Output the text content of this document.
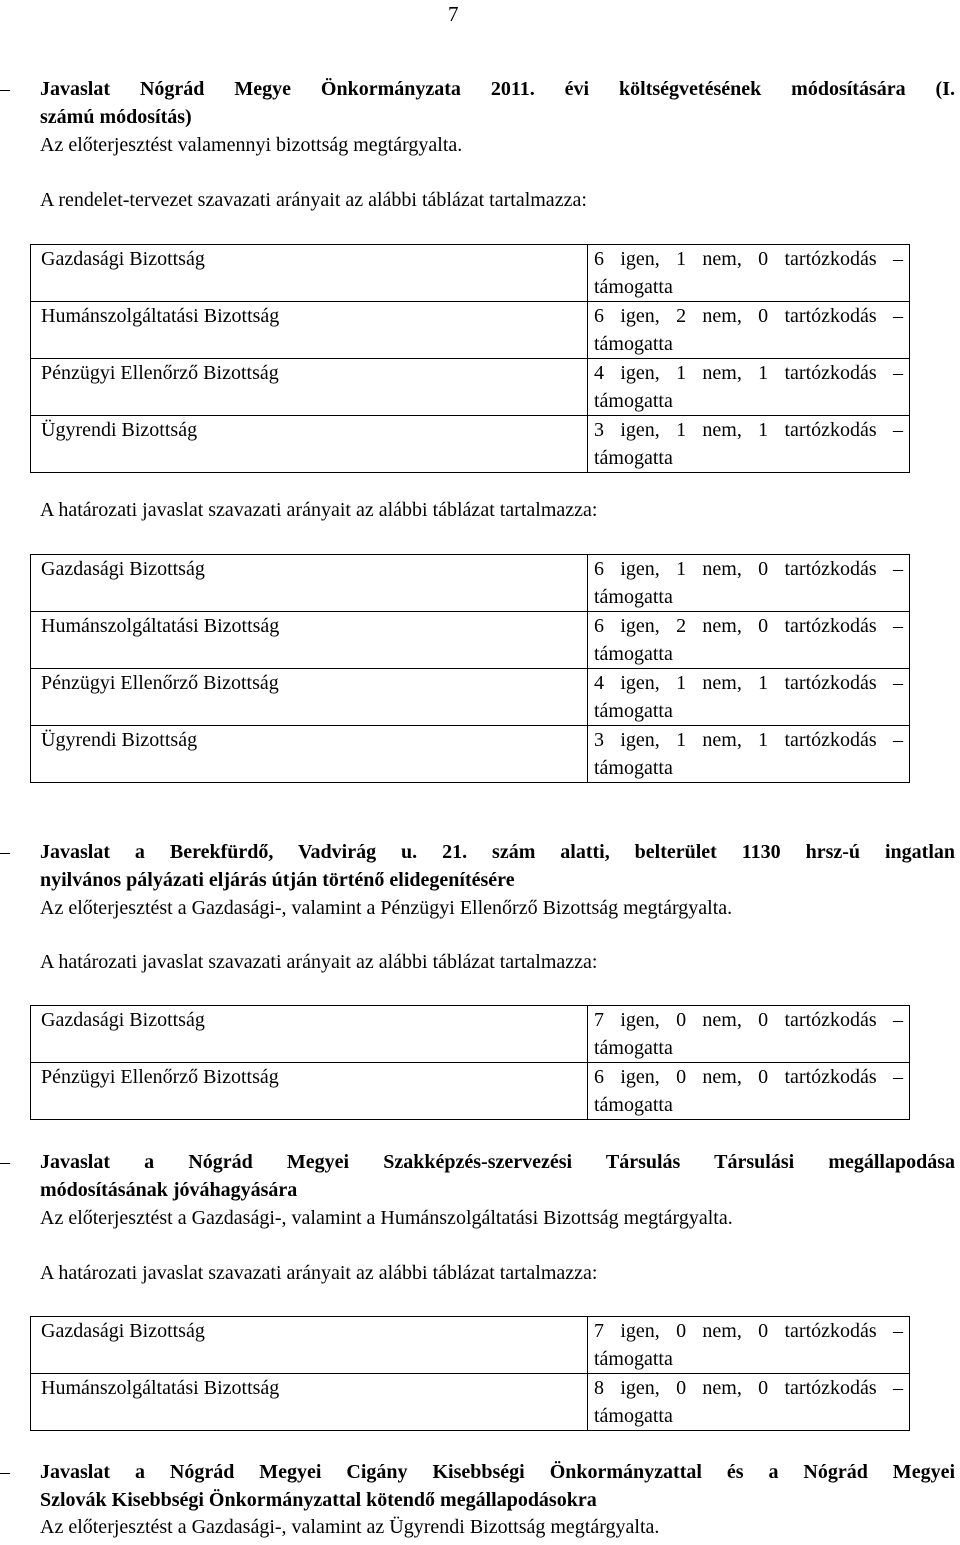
7
– Javaslat Nógrád Megye Önkormányzata 2011. évi költségvetésének módosítására (I.
számú módosítás)
Az előterjesztést valamennyi bizottság megtárgyalta.
A rendelet-tervezet szavazati arányait az alábbi táblázat tartalmazza:
Gazdasági Bizottság	6 igen, 1 nem, 0 tartózkodás –
támogatta

Humánszolgáltatási Bizottság	6 igen, 2 nem, 0 tartózkodás –
támogatta

Pénzügyi Ellenőrző Bizottság	4 igen, 1 nem, 1 tartózkodás –
támogatta

Ügyrendi Bizottság	3 igen, 1 nem, 1 tartózkodás –
támogatta
A határozati javaslat szavazati arányait az alábbi táblázat tartalmazza:
Gazdasági Bizottság	6 igen, 1 nem, 0 tartózkodás –
támogatta

Humánszolgáltatási Bizottság	6 igen, 2 nem, 0 tartózkodás –
támogatta

Pénzügyi Ellenőrző Bizottság	4 igen, 1 nem, 1 tartózkodás –
támogatta

Ügyrendi Bizottság	3 igen, 1 nem, 1 tartózkodás –
támogatta
– Javaslat a Berekfürdő, Vadvirág u. 21. szám alatti, belterület 1130 hrsz-ú ingatlan
nyilvános pályázati eljárás útján történő elidegenítésére
Az előterjesztést a Gazdasági-, valamint a Pénzügyi Ellenőrző Bizottság megtárgyalta.
A határozati javaslat szavazati arányait az alábbi táblázat tartalmazza:
Gazdasági Bizottság	7 igen, 0 nem, 0 tartózkodás –
támogatta

Pénzügyi Ellenőrző Bizottság	6 igen, 0 nem, 0 tartózkodás –
támogatta
– Javaslat a Nógrád Megyei Szakképzés-szervezési Társulás Társulási megállapodása
módosításának jóváhagyására
Az előterjesztést a Gazdasági-, valamint a Humánszolgáltatási Bizottság megtárgyalta.
A határozati javaslat szavazati arányait az alábbi táblázat tartalmazza:
Gazdasági Bizottság	7 igen, 0 nem, 0 tartózkodás –
támogatta

Humánszolgáltatási Bizottság	8 igen, 0 nem, 0 tartózkodás –
támogatta
– Javaslat a Nógrád Megyei Cigány Kisebbségi Önkormányzattal és a Nógrád Megyei
Szlovák Kisebbségi Önkormányzattal kötendő megállapodásokra
Az előterjesztést a Gazdasági-, valamint az Ügyrendi Bizottság megtárgyalta.
